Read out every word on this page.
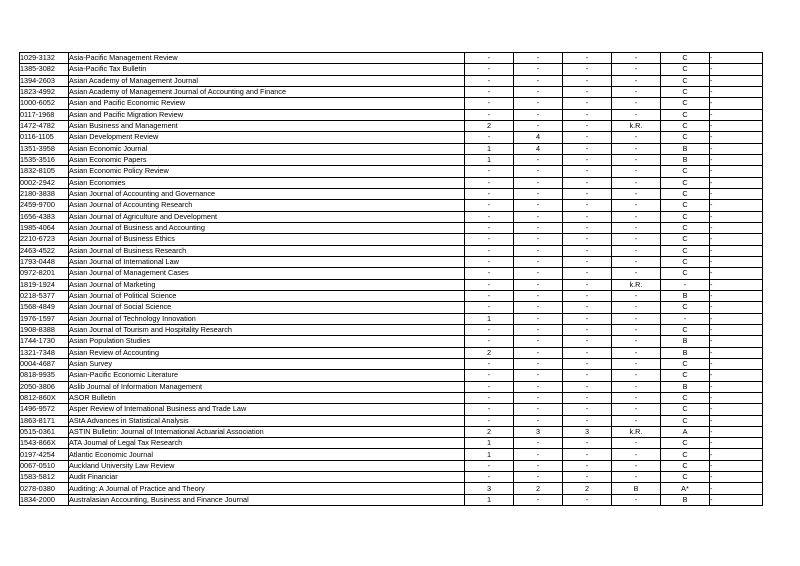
1029-3132	Asia-Pacific Management Review	-	-	-	-	C	-
1385-3082	Asia-Pacific Tax Bulletin	-	-	-	-	C	-
1394-2603	Asian Academy of Management Journal	-	-	-	-	C	-
1823-4992	Asian Academy of Management Journal of Accounting and Finance	-	-	-	-	C	-
1000-6052	Asian and Pacific Economic Review	-	-	-	-	C	-
0117-1968	Asian and Pacific Migration Review	-	-	-	-	C	-
1472-4782	Asian Business and Management	2	-	-	k.R.	C	-
0116-1105	Asian Development Review	-	4	-	-	C	-
1351-3958	Asian Economic Journal	1	4	-	-	B	-
1535-3516	Asian Economic Papers	1	-	-	-	B	-
1832-8105	Asian Economic Policy Review	-	-	-	-	C	-
0002-2942	Asian Economies	-	-	-	-	C	-
2180-3838	Asian Journal of Accounting and Governance	-	-	-	-	C	-
2459-9700	Asian Journal of Accounting Research	-	-	-	-	C	-
1656-4383	Asian Journal of Agriculture and Development	-	-	-	-	C	-
1985-4064	Asian Journal of Business and Accounting	-	-	-	-	C	-
2210-6723	Asian Journal of Business Ethics	-	-	-	-	C	-
2463-4522	Asian Journal of Business Research	-	-	-	-	C	-
1793-0448	Asian Journal of International Law	-	-	-	-	C	-
0972-8201	Asian Journal of Management Cases	-	-	-	-	C	-
1819-1924	Asian Journal of Marketing	-	-	-	k.R.	-	-
0218-5377	Asian Journal of Political Science	-	-	-	-	B	-
1568-4849	Asian Journal of Social Science	-	-	-	-	C	-
1976-1597	Asian Journal of Technology Innovation	1	-	-	-	-	-
1908-8388	Asian Journal of Tourism and Hospitality Research	-	-	-	-	C	-
1744-1730	Asian Population Studies	-	-	-	-	B	-
1321-7348	Asian Review of Accounting	2	-	-	-	B	-
0004-4687	Asian Survey	-	-	-	-	C	-
0818-9935	Asian-Pacific Economic Literature	-	-	-	-	C	-
2050-3806	Aslib Journal of Information Management	-	-	-	-	B	-
0812-860X	ASOR Bulletin	-	-	-	-	C	-
1496-9572	Asper Review of International Business and Trade Law	-	-	-	-	C	-
1863-8171	AStA Advances in Statistical Analysis	-	-	-	-	C	-
0515-0361	ASTIN Bulletin: Journal of International Actuarial Association	2	3	3	k.R.	A	-
1543-866X	ATA Journal of Legal Tax Research	1	-	-	-	C	-
0197-4254	Atlantic Economic Journal	1	-	-	-	C	-
0067-0510	Auckland University Law Review	-	-	-	-	C	-
1583-5812	Audit Financiar	-	-	-	-	C	-
0278-0380	Auditing: A Journal of Practice and Theory	3	2	2	B	A*	-
1834-2000	Australasian Accounting, Business and Finance Journal	1	-	-	-	B	-
